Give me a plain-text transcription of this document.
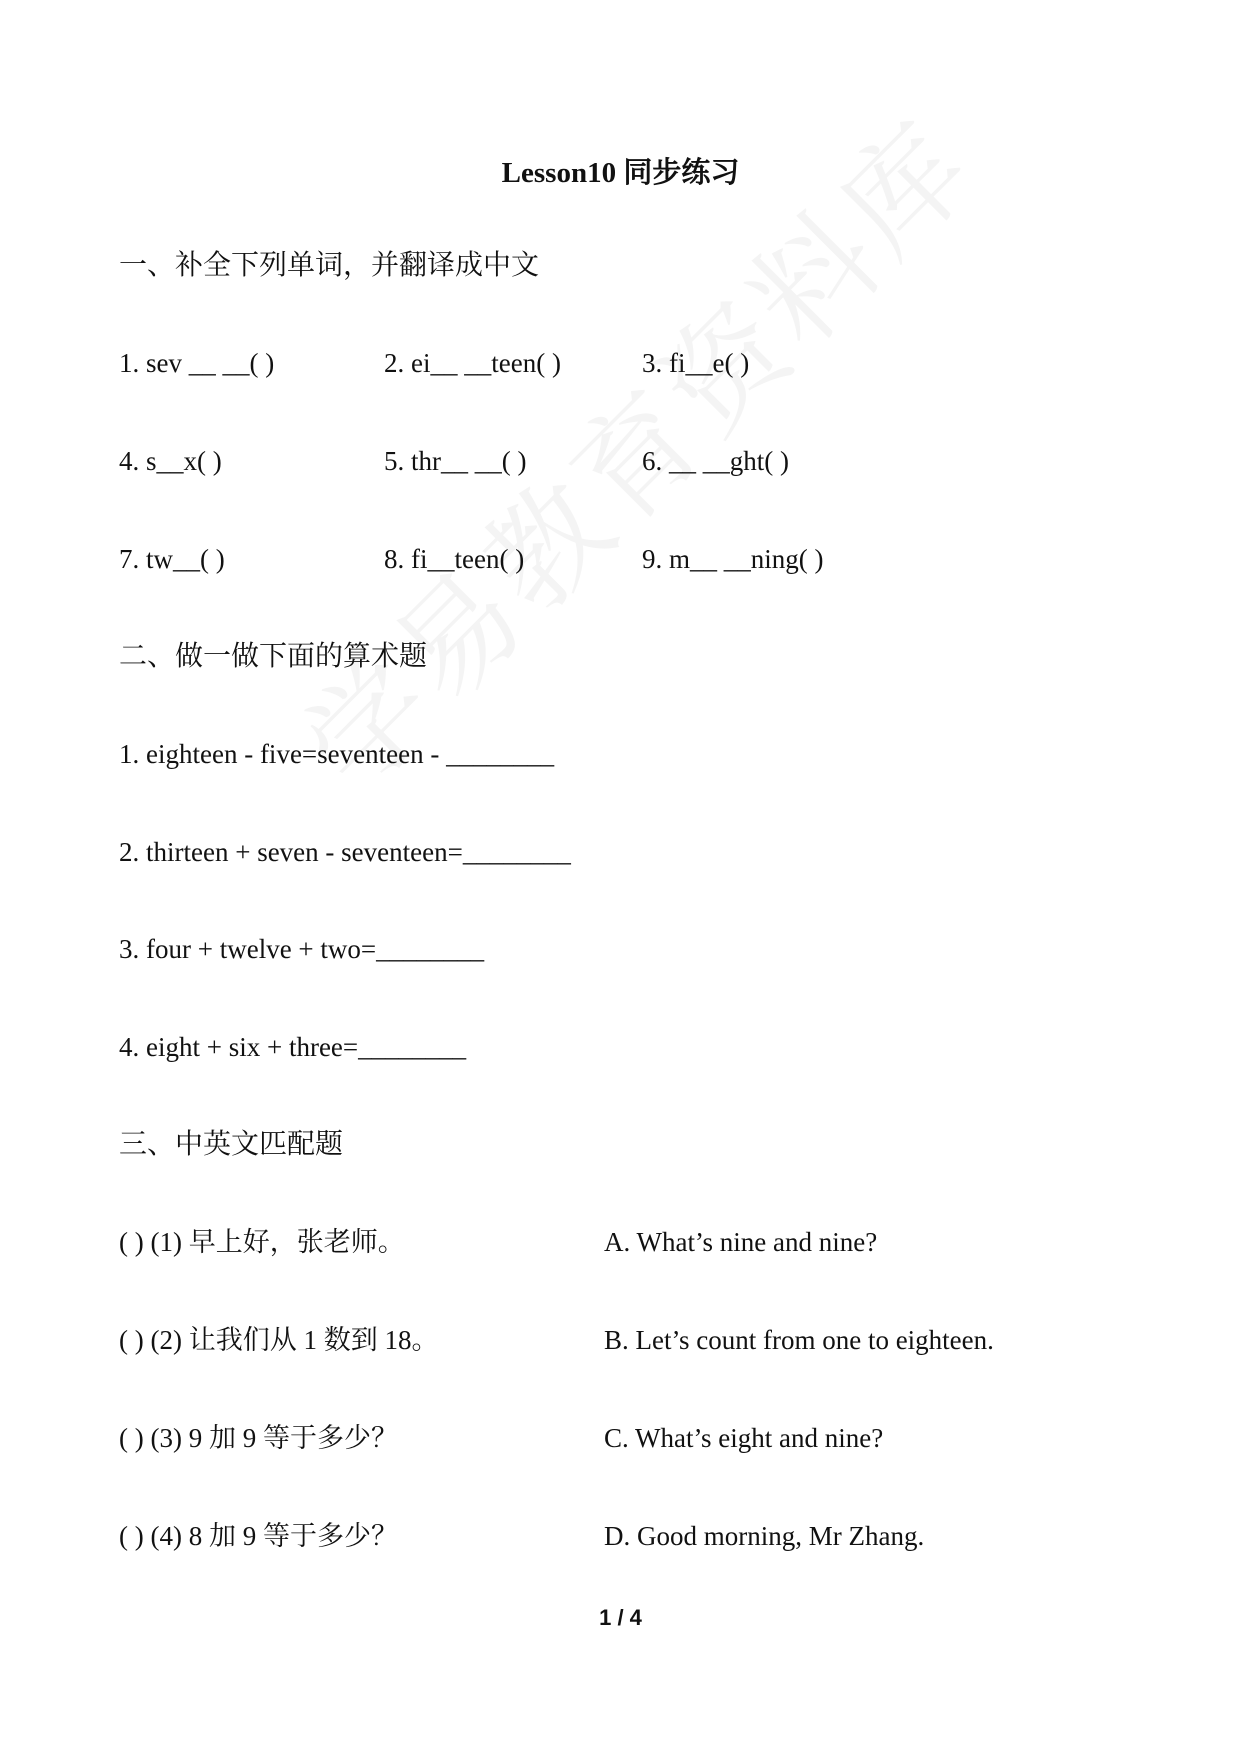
Lesson10 同步练习
一、补全下列单词，并翻译成中文
1. sev __ __( )	2. ei__ __teen( )	3. fi__e( )
4. s__x( )	5. thr__ __( )	6. __ __ght( )
7. tw__( )	8. fi__teen( )	9. m__ __ning( )
二、做一做下面的算术题
1. eighteen - five=seventeen - ________
2. thirteen + seven - seventeen=________
3. four + twelve + two=________
4. eight + six + three=________
三、中英文匹配题
( ) (1) 早上好，张老师。	A. What’s nine and nine?
( ) (2) 让我们从 1 数到 18。	B. Let’s count from one to eighteen.
( ) (3) 9 加 9 等于多少？	C. What’s eight and nine?
( ) (4) 8 加 9 等于多少？	D. Good morning, Mr Zhang.
1 / 4
